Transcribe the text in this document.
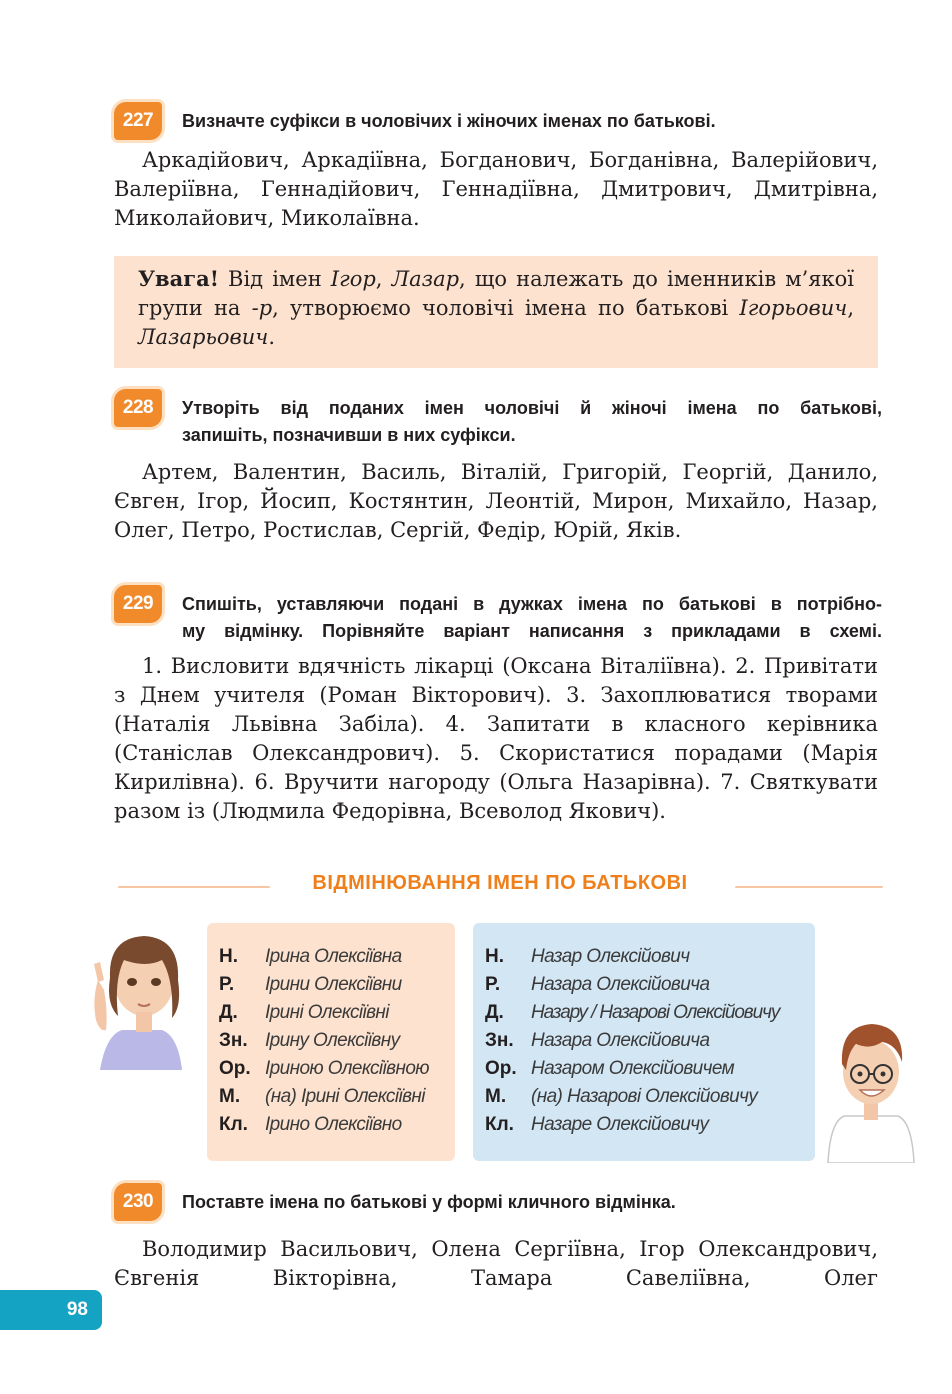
227	Визначте суфікси в чоловічих і жіночих іменах по батькові.

Аркадійович, Аркадіївна, Богданович, Богданівна, Валерійович, Валеріївна, Геннадійович, Геннадіївна, Дмитрович, Дмитрівна, Миколайович, Миколаївна.

Увага! Від імен Ігор, Лазар, що належать до іменників м’якої групи на -р, утворюємо чоловічі імена по батькові Ігорьович, Лазарьович.
228	Утворіть від поданих імен чоловічі й жіночі імена по батькові,
запишіть, позначивши в них суфікси.

Артем, Валентин, Василь, Віталій, Григорій, Георгій, Данило, Євген, Ігор, Йосип, Костянтин, Леонтій, Мирон, Михайло, Назар, Олег, Петро, Ростислав, Сергій, Федір, Юрій, Яків.

229	Спишіть, уставляючи подані в дужках імена по батькові в потрібно-
му відмінку. Порівняйте варіант написання з прикладами в схемі.

1. Висловити вдячність лікарці (Оксана Віталіївна). 2. Привітати з Днем учителя (Роман Вікторович). 3. Захоплюватися творами (Наталія Львівна Забіла). 4. Запитати в класного керівника (Станіслав Олександрович). 5. Скористатися порадами (Марія Кирилівна). 6. Вручити нагороду (Ольга Назарівна). 7. Святкувати разом із (Людмила Федорівна, Всеволод Якович).

ВІДМІНЮВАННЯ ІМЕН ПО БАТЬКОВІ
Н. Ірина Олексіївна
Р. Ірини Олексіївни
Д. Ірині Олексіївні
Зн. Ірину Олексіївну
Ор. Іриною Олексіївною
М. (на) Ірині Олексіївні
Кл. Ірино Олексіївно
Н. Назар Олексійович
Р. Назара Олексійовича
Д. Назару / Назарові Олексійовичу
Зн. Назара Олексійовича
Ор. Назаром Олексійовичем
М. (на) Назарові Олексійовичу
Кл. Назаре Олексійовичу
230	Поставте імена по батькові у формі кличного відмінка.

Володимир Васильович, Олена Сергіївна, Ігор Олександрович, Євгенія Вікторівна, Тамара Савеліївна, Олег

98
